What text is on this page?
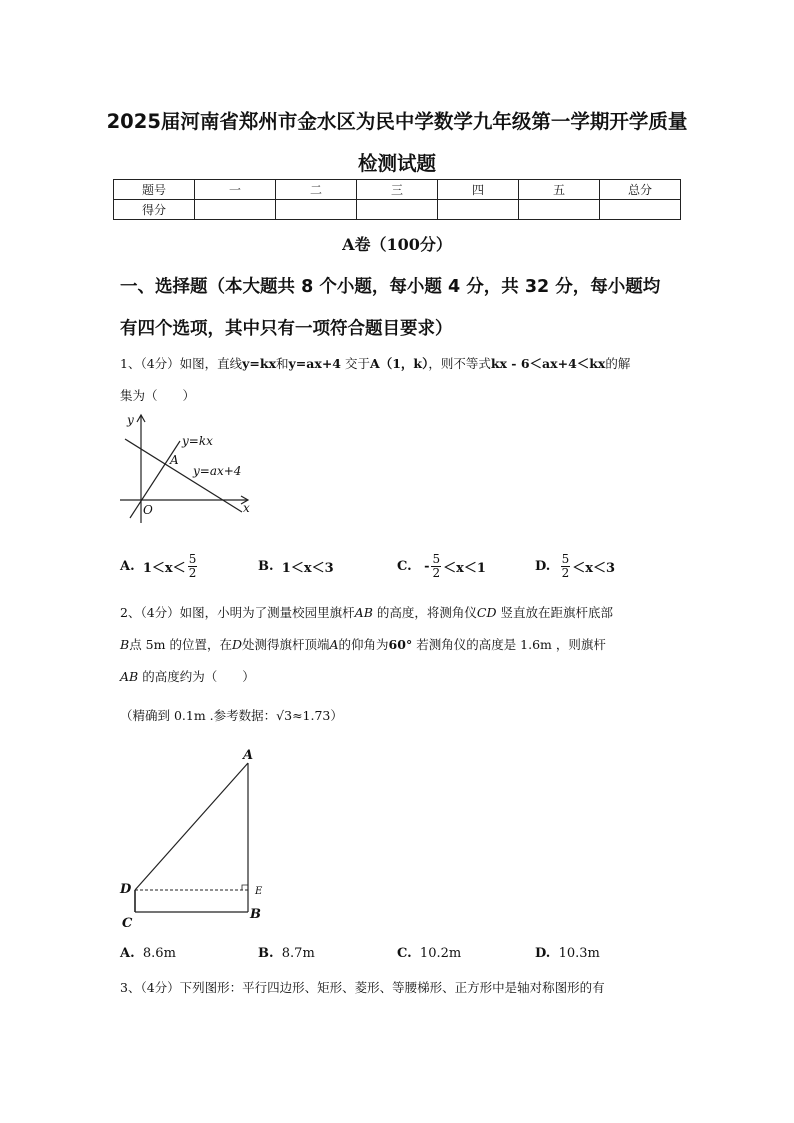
2025届河南省郑州市金水区为民中学数学九年级第一学期开学质量
检测试题
题号	一	二	三	四	五	总分
得分						
A卷（100分）
一、选择题（本大题共 8 个小题，每小题 4 分，共 32 分，每小题均
有四个选项，其中只有一项符合题目要求）
1、（4分）如图，直线y=kx和y=ax+4 交于A（1，k），则不等式kx - 6＜ax+4＜kx的解
集为（　　）
y
x
O
A
y=kx
y=ax+4
A
D	E
C
B
A.
$1<x< \frac{5}{2}$	B.
1＜x＜3	C.
- $\frac{5}{2} <x<1$	D.
$\frac{5}{2} <x<3$
2、（4分）如图，小明为了测量校园里旗杆AB 的高度，将测角仪CD 竖直放在距旗杆底部
B点 5m 的位置，在D处测得旗杆顶端A的仰角为60° 若测角仪的高度是 1.6m ，则旗杆
AB 的高度约为（　　）
（精确到 0.1m .参考数据：√3≈1.73）
A.
8.6m	B.
8.7m	C.
10.2m	D.
10.3m
3、（4分）下列图形：平行四边形、矩形、菱形、等腰梯形、正方形中是轴对称图形的有
